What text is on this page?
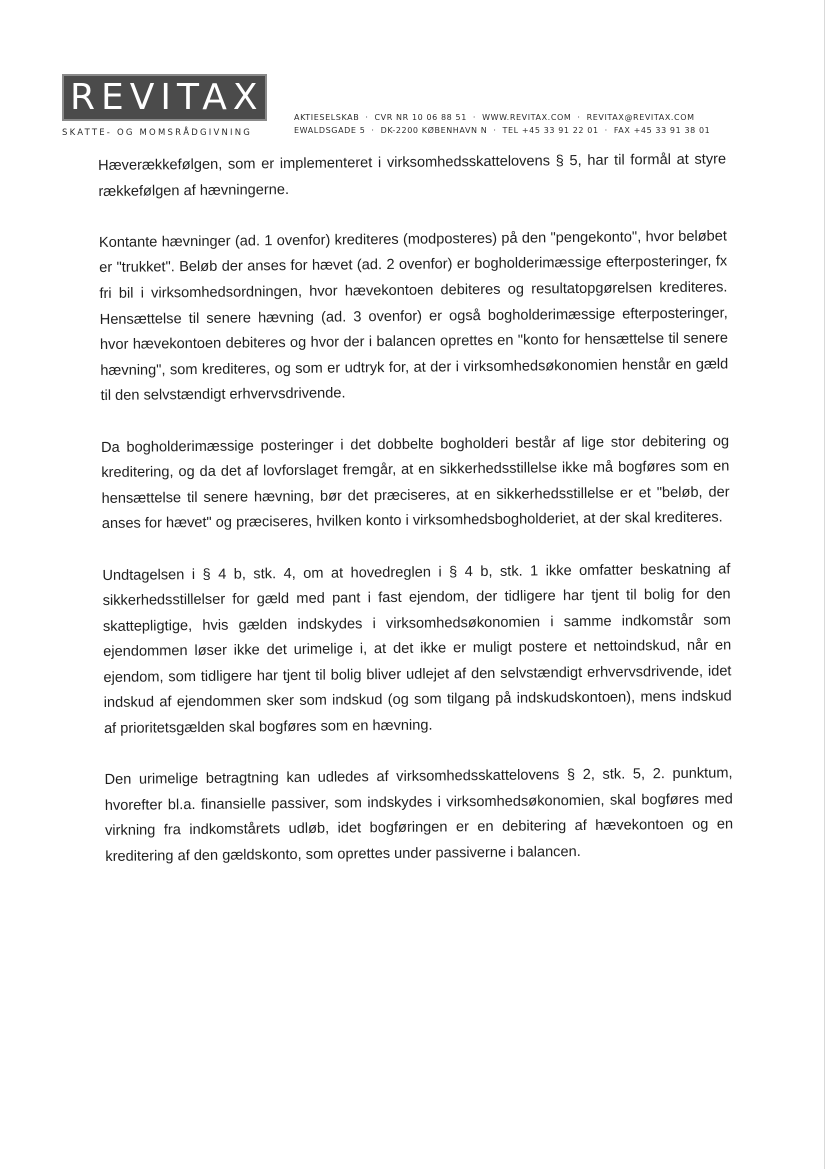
REVITAX
SKATTE- OG MOMSRÅDGIVNING
AKTIESELSKAB · CVR NR 10 06 88 51 · WWW.REVITAX.COM · REVITAX@REVITAX.COM
EWALDSGADE 5 · DK-2200 KØBENHAVN N · TEL +45 33 91 22 01 · FAX +45 33 91 38 01

Hæverækkefølgen, som er implementeret i virksomhedsskattelovens § 5, har til formål at styre rækkefølgen af hævningerne.

Kontante hævninger (ad. 1 ovenfor) krediteres (modposteres) på den "pengekonto", hvor beløbet er "trukket". Beløb der anses for hævet (ad. 2 ovenfor) er bogholderimæssige efterposteringer, fx fri bil i virksomhedsordningen, hvor hævekontoen debiteres og resultatopgørelsen krediteres. Hensættelse til senere hævning (ad. 3 ovenfor) er også bogholderimæssige efterposteringer, hvor hævekontoen debiteres og hvor der i balancen oprettes en "konto for hensættelse til senere hævning", som krediteres, og som er udtryk for, at der i virksomhedsøkonomien henstår en gæld til den selvstændigt erhvervsdrivende.

Da bogholderimæssige posteringer i det dobbelte bogholderi består af lige stor debitering og kreditering, og da det af lovforslaget fremgår, at en sikkerhedsstillelse ikke må bogføres som en hensættelse til senere hævning, bør det præciseres, at en sikkerhedsstillelse er et "beløb, der anses for hævet" og præciseres, hvilken konto i virksomhedsbogholderiet, at der skal krediteres.

Undtagelsen i § 4 b, stk. 4, om at hovedreglen i § 4 b, stk. 1 ikke omfatter beskatning af sikkerhedsstillelser for gæld med pant i fast ejendom, der tidligere har tjent til bolig for den skattepligtige, hvis gælden indskydes i virksomhedsøkonomien i samme indkomstår som ejendommen løser ikke det urimelige i, at det ikke er muligt postere et nettoindskud, når en ejendom, som tidligere har tjent til bolig bliver udlejet af den selvstændigt erhvervsdrivende, idet indskud af ejendommen sker som indskud (og som tilgang på indskudskontoen), mens indskud af prioritetsgælden skal bogføres som en hævning.

Den urimelige betragtning kan udledes af virksomhedsskattelovens § 2, stk. 5, 2. punktum, hvorefter bl.a. finansielle passiver, som indskydes i virksomhedsøkonomien, skal bogføres med virkning fra indkomstårets udløb, idet bogføringen er en debitering af hævekontoen og en kreditering af den gældskonto, som oprettes under passiverne i balancen.
